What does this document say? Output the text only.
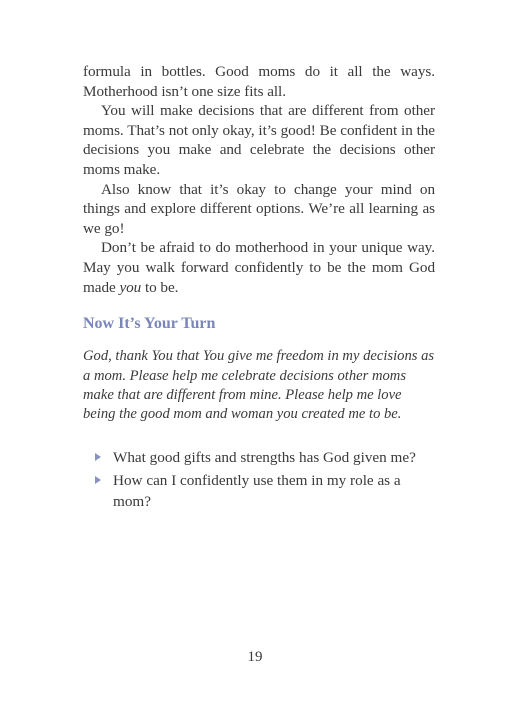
formula in bottles. Good moms do it all the ways. Motherhood isn’t one size fits all.

You will make decisions that are different from other moms. That’s not only okay, it’s good! Be confident in the decisions you make and celebrate the decisions other moms make.

Also know that it’s okay to change your mind on things and explore different options. We’re all learning as we go!

Don’t be afraid to do motherhood in your unique way. May you walk forward confidently to be the mom God made you to be.

Now It’s Your Turn

God, thank You that You give me freedom in my decisions as a mom. Please help me celebrate decisions other moms make that are different from mine. Please help me love being the good mom and woman you created me to be.

What good gifts and strengths has God given me?
How can I confidently use them in my role as a mom?
19
